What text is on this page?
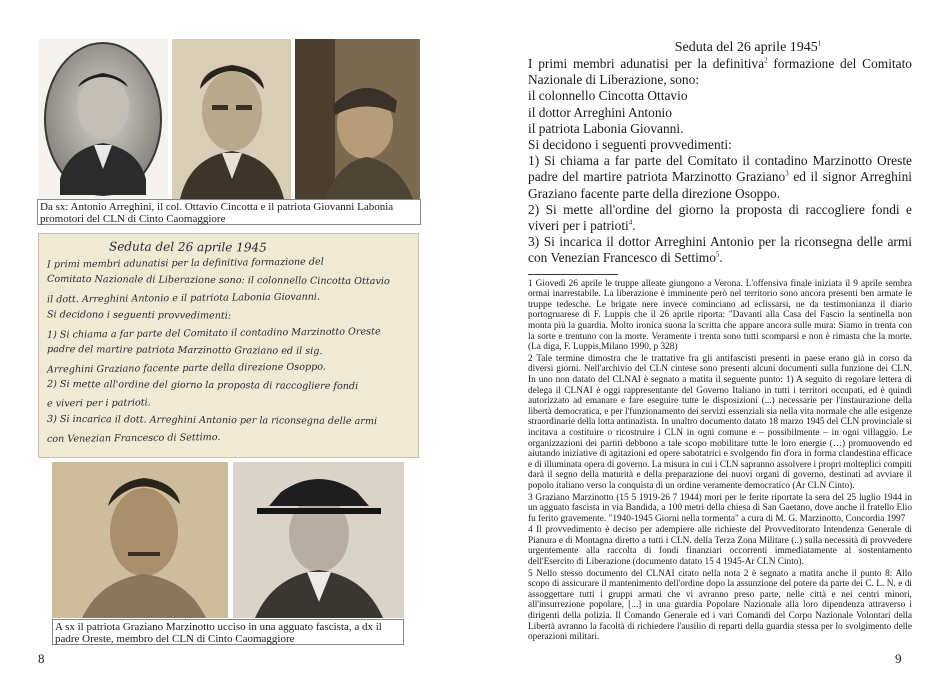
Da sx: Antonio Arreghini, il col. Ottavio Cincotta e il patriota Giovanni Labonia promotori del CLN di Cinto Caomaggiore
Seduta del 26 aprile 1945
I primi membri adunatisi per la definitiva formazione del
Comitato Nazionale di Liberazione sono: il colonnello Cincotta Ottavio
il dott. Arreghini Antonio e il patriota Labonia Giovanni.
Si decidono i seguenti provvedimenti:
1) Si chiama a far parte del Comitato il contadino Marzinotto Oreste
padre del martire patriota Marzinotto Graziano ed il sig.
Arreghini Graziano facente parte della direzione Osoppo.
2) Si mette all'ordine del giorno la proposta di raccogliere fondi
e viveri per i patrioti.
3) Si incarica il dott. Arreghini Antonio per la riconsegna delle armi
con Venezian Francesco di Settimo.
A sx il patriota Graziano Marzinotto ucciso in una agguato fascista, a dx il padre Oreste, membro del CLN di Cinto Caomaggiore
8
Seduta del 26 aprile 1945$^1$

I primi membri adunatisi per la definitiva$^2$ formazione del Comitato Nazionale di Liberazione, sono:

il colonnello Cincotta Ottavio

il dottor Arreghini Antonio

il patriota Labonia Giovanni.

Si decidono i seguenti provvedimenti:

1) Si chiama a far parte del Comitato il contadino Marzinotto Oreste padre del martire patriota Marzinotto Graziano$^3$ ed il signor Arreghini Graziano facente parte della direzione Osoppo.

2) Si mette all'ordine del giorno la proposta di raccogliere fondi e viveri per i patrioti$^4$.

3) Si incarica il dottor Arreghini Antonio per la riconsegna delle armi con Venezian Francesco di Settimo$^5$.

1 Giovedì 26 aprile le truppe alleate giungono a Verona. L'offensiva finale iniziata il 9 aprile sembra ormai inarrestabile. La liberazione è imminente però nel territorio sono ancora presenti ben armate le truppe tedesche. Le brigate nere invece cominciano ad eclissarsi, ne da testimonianza il diario portogruarese di F. Luppis che il 26 aprile riporta: "Davanti alla Casa del Fascio la sentinella non monta più la guardia. Molto ironica suona la scritta che appare ancora sulle mura: Siamo in trenta con la sorte e trentuno con la morte. Veramente i trenta sono tutti scomparsi e non è rimasta che la morte.(La diga, F. Luppis,Milano 1990, p 328)

2 Tale termine dimostra che le trattative fra gli antifascisti presenti in paese erano già in corso da diversi giorni. Nell'archivio del CLN cintese sono presenti alcuni documenti sulla funzione dei CLN. In uno non datato del CLNAI è segnato a matita il seguente punto: 1) A seguito di regolare lettera di delega il CLNAI è oggi rappresentante del Governo Italiano in tutti i territori occupati, ed è quindi autorizzato ad emanare e fare eseguire tutte le disposizioni (...) necessarie per l'instaurazione della libertà democratica, e per l'funzionamento dei servizi essenziali sia nella vita normale che alle esigenze straordinarie della lotta antinazista. In unaltro documento datato 18 marzo 1945 del CLN provinciale si incitava a costituire o ricostruire i CLN in ogni comune e – possibilmente – in ogni villaggio. Le organizzazioni dei partiti debbono a tale scopo mobilitare tutte le loro energie (…) promuovendo ed aiutando iniziative di agitazioni ed opere sabotatrici e svolgendo fin d'ora in forma clandestina efficace e di illuminata opera di governo. La misura in cui i CLN sapranno assolvere i propri molteplici compiti darà il segno della maturità e della preparazione dei nuovi organi di governo, destinati ad avviare il popolo italiano verso la conquista di un ordine veramente democratico (Ar CLN Cinto).

3 Graziano Marzinotto (15 5 1919-26 7 1944) mori per le ferite riportate la sera del 25 luglio 1944 in un agguato fascista in via Bandida, a 100 metri della chiesa di San Gaetano, dove anche il fratello Elio fu ferito gravemente. "1940-1945 Giorni nella tormenta" a cura di M. G. Marzinotto, Concordia 1997

4 Il provvedimento è deciso per adempiere alle richieste del Provveditorato Intendenza Generale di Pianura e di Montagna diretto a tutti i CLN. della Terza Zona Militare (..) sulla necessità di provvedere urgentemente alla raccolta di fondi finanziari occorrenti immediatamente al sostentamento dell'Esercito di Liberazione (documento datato 15 4 1945-Ar CLN Cinto).

5 Nello stesso documento del CLNAI citato nella nota 2 è segnato a matita anche il punto 8: Allo scopo di assicurare il mantenimento dell'ordine dopo la assunzione del potere da parte dei C. L. N. e di assoggettare tutti i gruppi armati che vi avranno preso parte, nelle città e nei centri minori, all'insurrezione popolare, [...] in una guardia Popolare Nazionale alla loro dipendenza attraverso i dirigenti della polizia. Il Comando Generale ed i vari Comandi del Corpo Nazionale Volontari della Libertà avranno la facoltà di richiedere l'ausilio di reparti della guardia stessa per lo svolgimento delle operazioni militari.

9
